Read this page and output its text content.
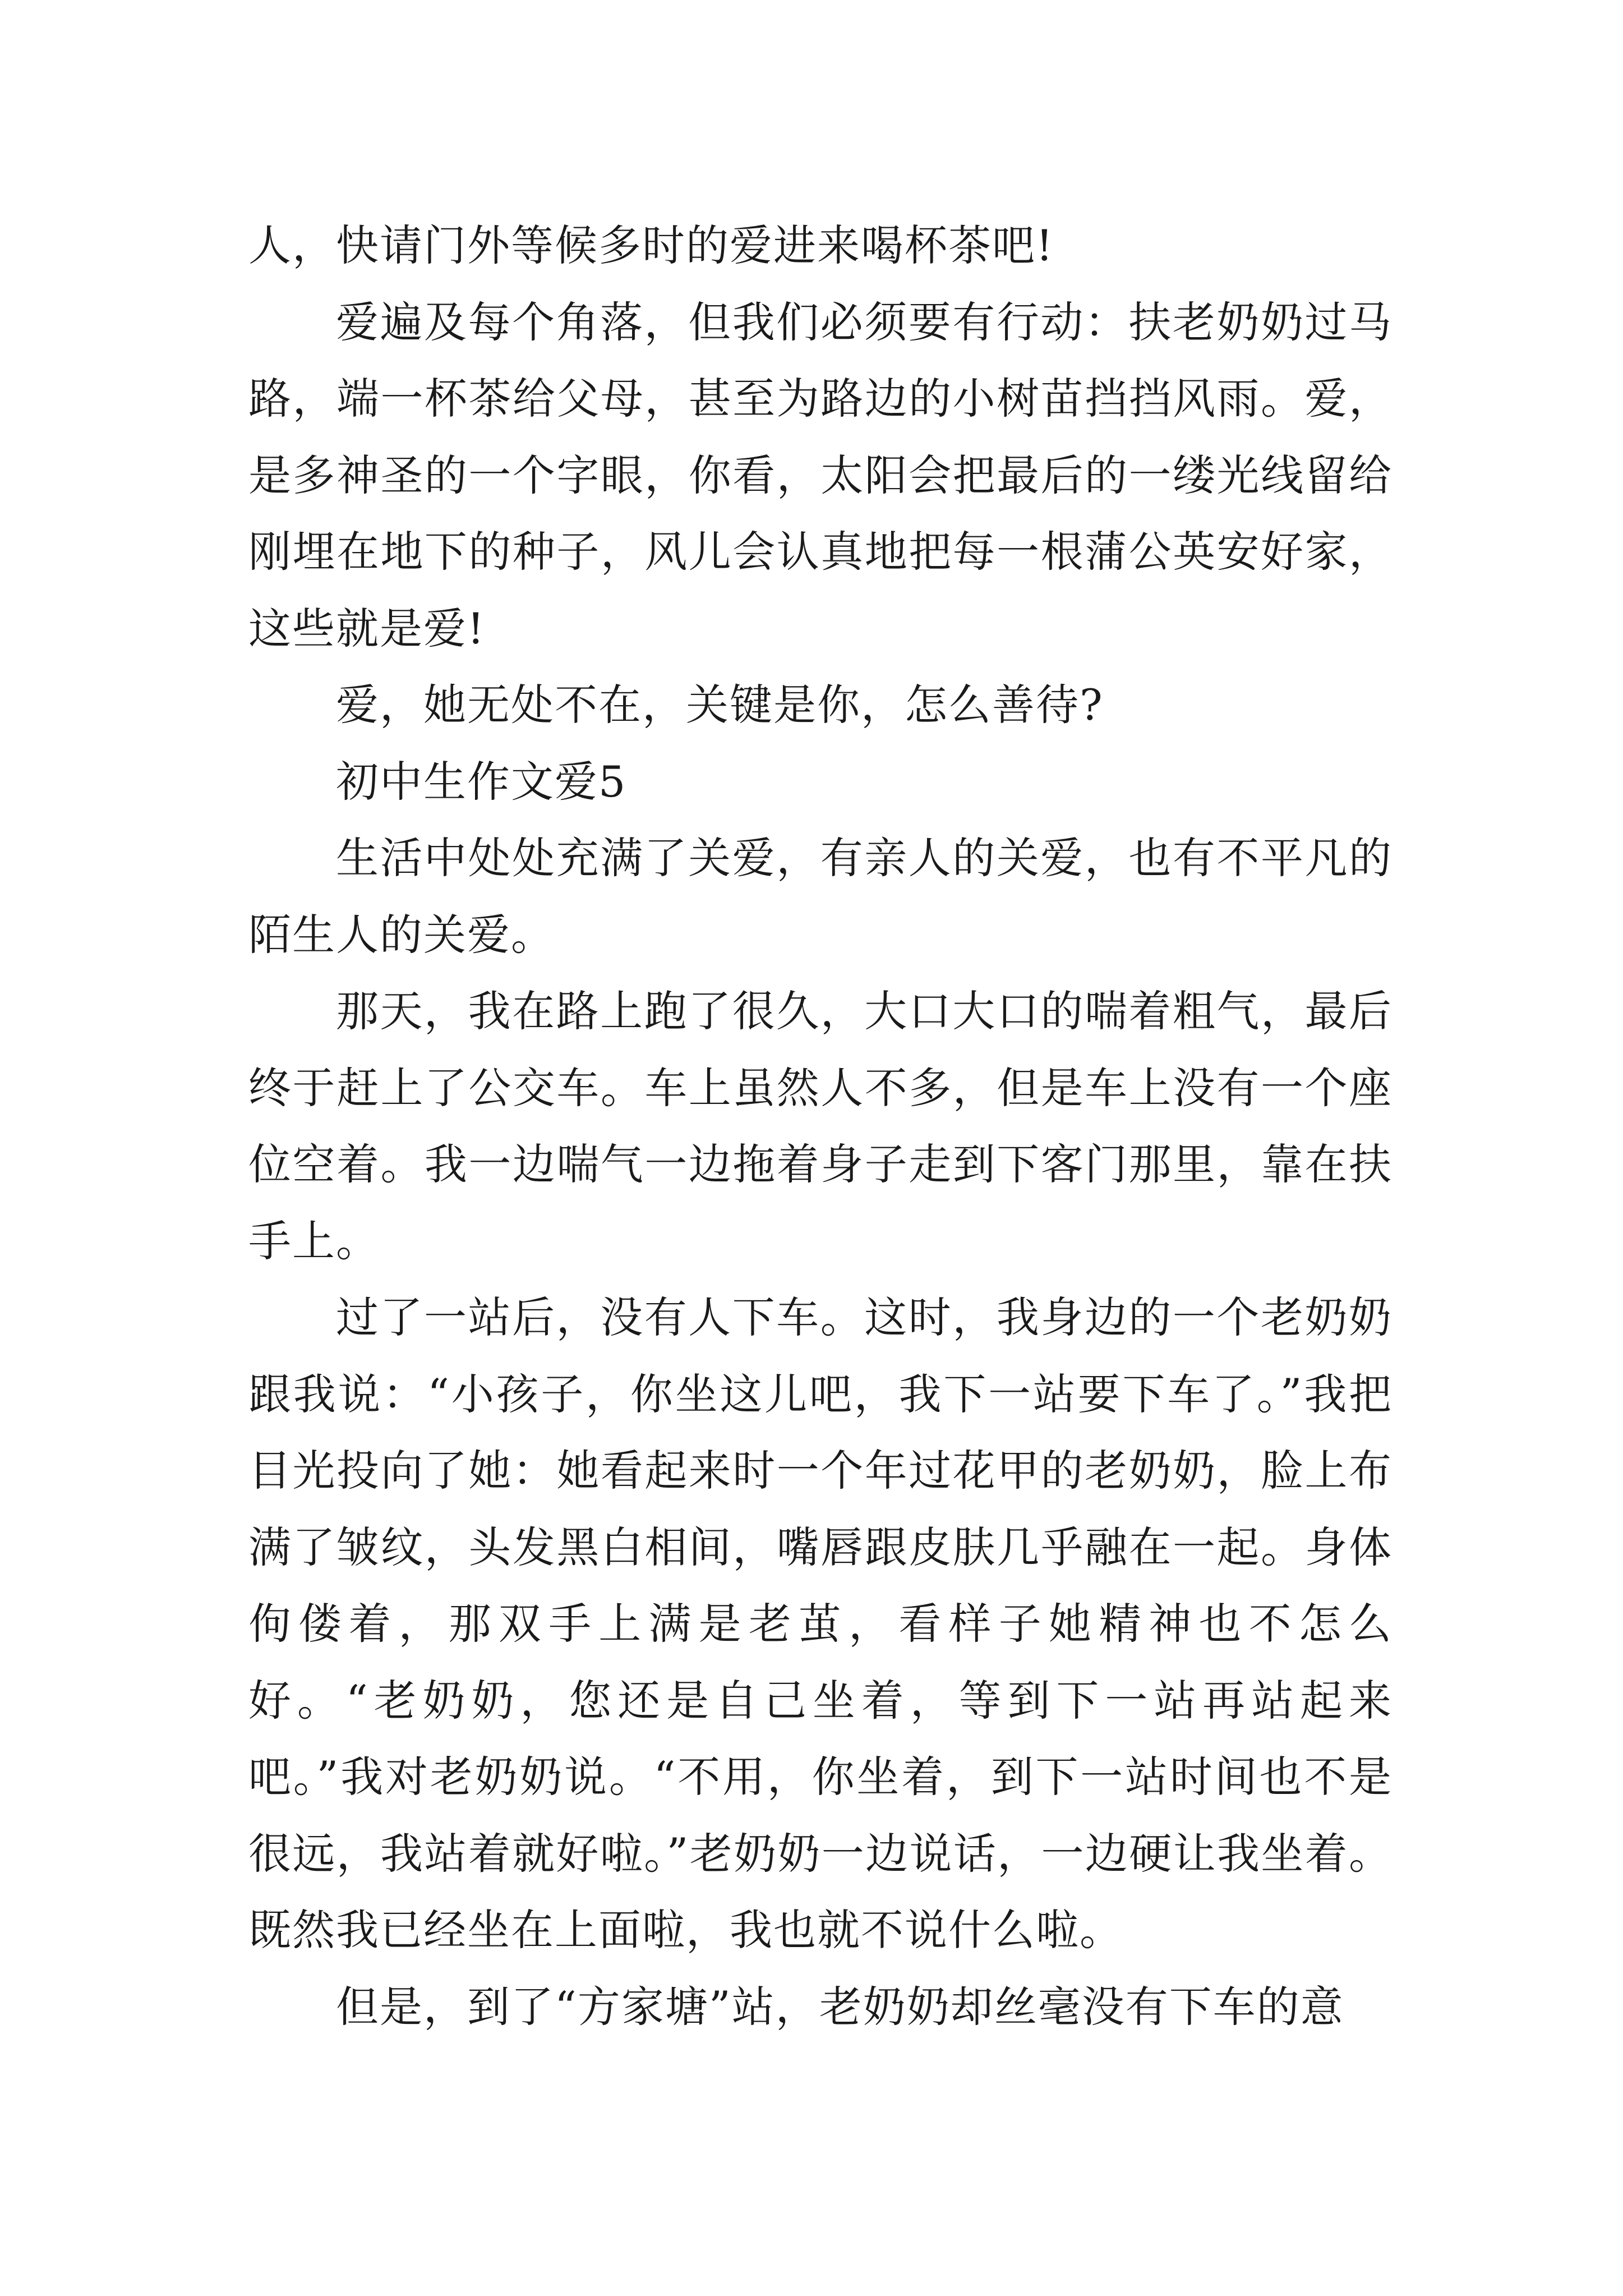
人，快请门外等候多时的爱进来喝杯茶吧!

爱遍及每个角落，但我们必须要有行动：扶老奶奶过马路，端一杯茶给父母，甚至为路边的小树苗挡挡风雨。爱，是多神圣的一个字眼，你看，太阳会把最后的一缕光线留给刚埋在地下的种子，风儿会认真地把每一根蒲公英安好家，这些就是爱!

爱，她无处不在，关键是你，怎么善待?

初中生作文爱5

生活中处处充满了关爱，有亲人的关爱，也有不平凡的陌生人的关爱。

那天，我在路上跑了很久，大口大口的喘着粗气，最后终于赶上了公交车。车上虽然人不多，但是车上没有一个座位空着。我一边喘气一边拖着身子走到下客门那里，靠在扶手上。

过了一站后，没有人下车。这时，我身边的一个老奶奶跟我说：“小孩子，你坐这儿吧，我下一站要下车了。”我把目光投向了她：她看起来时一个年过花甲的老奶奶，脸上布满了皱纹，头发黑白相间，嘴唇跟皮肤几乎融在一起。身体佝偻着，那双手上满是老茧，看样子她精神也不怎么好。“老奶奶，您还是自己坐着，等到下一站再站起来吧。”我对老奶奶说。“不用，你坐着，到下一站时间也不是很远，我站着就好啦。”老奶奶一边说话，一边硬让我坐着。既然我已经坐在上面啦，我也就不说什么啦。

但是，到了“方家塘”站，老奶奶却丝毫没有下车的意
